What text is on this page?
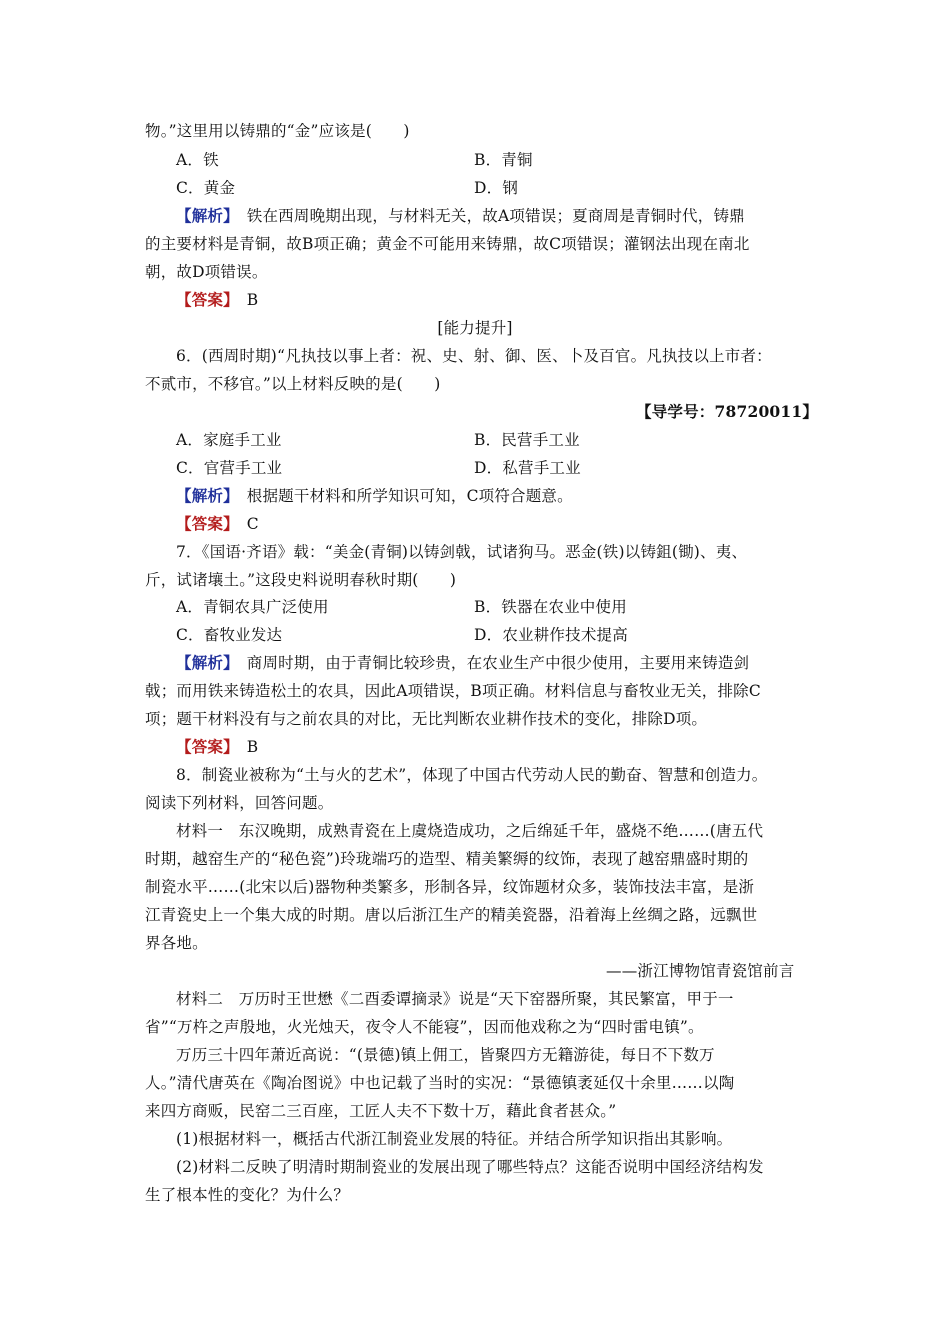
物。”这里用以铸鼎的“金”应该是(　　)
A．铁	B．青铜
C．黄金	D．钢
【解析】　 铁在西周晚期出现，与材料无关，故A项错误；夏商周是青铜时代，铸鼎
的主要材料是青铜，故B项正确；黄金不可能用来铸鼎，故C项错误；灌钢法出现在南北
朝，故D项错误。
【答案】　 B
[能力提升]
6．(西周时期)“凡执技以事上者：祝、史、射、御、医、卜及百官。凡执技以上市者：
不贰市，不移官。”以上材料反映的是(　　)
【导学号：78720011】
A．家庭手工业	B．民营手工业
C．官营手工业	D．私营手工业
【解析】　 根据题干材料和所学知识可知，C项符合题意。
【答案】　 C
7．《国语·齐语》载：“美金(青铜)以铸剑戟，试诸狗马。恶金(铁)以铸鉏(锄)、夷、
斤，试诸壤土。”这段史料说明春秋时期(　　)
A．青铜农具广泛使用	B．铁器在农业中使用
C．畜牧业发达	D．农业耕作技术提高
【解析】　 商周时期，由于青铜比较珍贵，在农业生产中很少使用，主要用来铸造剑
戟；而用铁来铸造松土的农具，因此A项错误，B项正确。材料信息与畜牧业无关，排除C
项；题干材料没有与之前农具的对比，无比判断农业耕作技术的变化，排除D项。
【答案】　 B
8．制瓷业被称为“土与火的艺术”，体现了中国古代劳动人民的勤奋、智慧和创造力。
阅读下列材料，回答问题。
材料一　东汉晚期，成熟青瓷在上虞烧造成功，之后绵延千年，盛烧不绝……(唐五代
时期，越窑生产的“秘色瓷”)玲珑端巧的造型、精美繁缛的纹饰，表现了越窑鼎盛时期的
制瓷水平……(北宋以后)器物种类繁多，形制各异，纹饰题材众多，装饰技法丰富，是浙
江青瓷史上一个集大成的时期。唐以后浙江生产的精美瓷器，沿着海上丝绸之路，远飘世
界各地。
——浙江博物馆青瓷馆前言
材料二　万历时王世懋《二酉委谭摘录》说是“天下窑器所聚，其民繁富，甲于一
省”“万杵之声殷地，火光烛天，夜令人不能寝”，因而他戏称之为“四时雷电镇”。
万历三十四年萧近高说：“(景德)镇上佣工，皆聚四方无籍游徒，每日不下数万
人。”清代唐英在《陶冶图说》中也记载了当时的实况：“景德镇袤延仅十余里……以陶
来四方商贩，民窑二三百座，工匠人夫不下数十万，藉此食者甚众。”
(1)根据材料一，概括古代浙江制瓷业发展的特征。并结合所学知识指出其影响。
(2)材料二反映了明清时期制瓷业的发展出现了哪些特点？这能否说明中国经济结构发
生了根本性的变化？为什么？
